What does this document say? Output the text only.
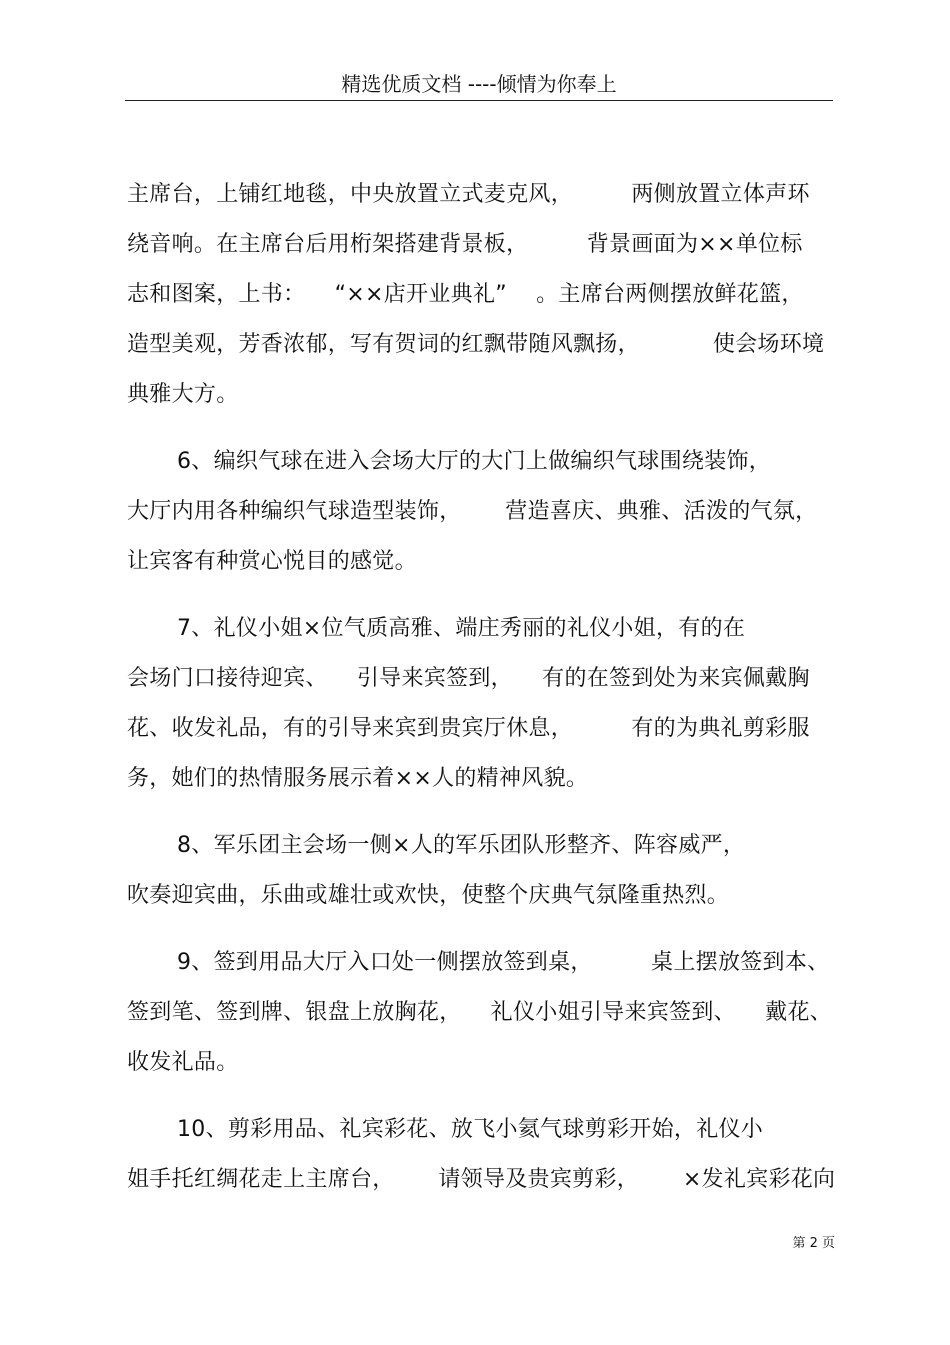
精选优质文档 ----倾情为你奉上
主席台，上铺红地毯，中央放置立式麦克风，        两侧放置立体声环
绕音响。在主席台后用桁架搭建背景板，        背景画面为××单位标
志和图案，上书：    “××店开业典礼”    。主席台两侧摆放鲜花篮，
造型美观，芳香浓郁，写有贺词的红飘带随风飘扬，          使会场环境
典雅大方。
6、编织气球在进入会场大厅的大门上做编织气球围绕装饰，
大厅内用各种编织气球造型装饰，      营造喜庆、典雅、活泼的气氛，
让宾客有种赏心悦目的感觉。
7、礼仪小姐×位气质高雅、端庄秀丽的礼仪小姐，有的在
会场门口接待迎宾、    引导来宾签到，    有的在签到处为来宾佩戴胸
花、收发礼品，有的引导来宾到贵宾厅休息，        有的为典礼剪彩服
务，她们的热情服务展示着××人的精神风貌。
8、军乐团主会场一侧×人的军乐团队形整齐、阵容威严，
吹奏迎宾曲，乐曲或雄壮或欢快，使整个庆典气氛隆重热烈。
9、签到用品大厅入口处一侧摆放签到桌，        桌上摆放签到本、
签到笔、签到牌、银盘上放胸花，    礼仪小姐引导来宾签到、    戴花、
收发礼品。
10、剪彩用品、礼宾彩花、放飞小氦气球剪彩开始，礼仪小
姐手托红绸花走上主席台，      请领导及贵宾剪彩，      ×发礼宾彩花向
第 2 页
